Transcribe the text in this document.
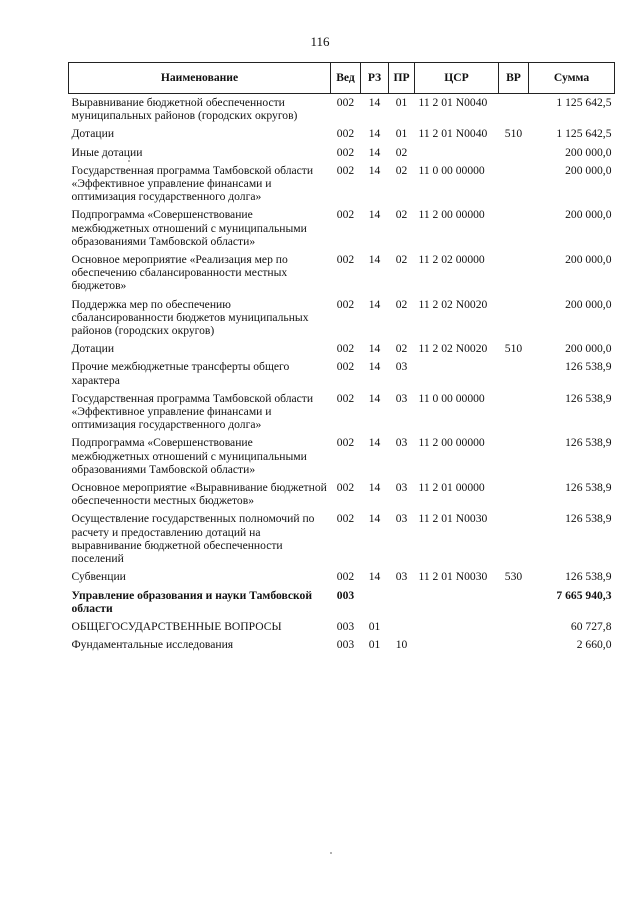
116
Наименование	Вед	РЗ	ПР	ЦСР	ВР	Сумма
Выравнивание бюджетной обеспеченности муниципальных районов (городских округов)	002	14	01	11 2 01 N0040		1 125 642,5
Дотации	002	14	01	11 2 01 N0040	510	1 125 642,5
Иные дотации	002	14	02			200 000,0
Государственная программа Тамбовской области «Эффективное управление финансами и оптимизация государственного долга»	002	14	02	11 0 00 00000		200 000,0
Подпрограмма «Совершенствование межбюджетных отношений с муниципальными образованиями Тамбовской области»	002	14	02	11 2 00 00000		200 000,0
Основное мероприятие «Реализация мер по обеспечению сбалансированности местных бюджетов»	002	14	02	11 2 02 00000		200 000,0
Поддержка мер по обеспечению сбалансированности бюджетов муниципальных районов (городских округов)	002	14	02	11 2 02 N0020		200 000,0
Дотации	002	14	02	11 2 02 N0020	510	200 000,0
Прочие межбюджетные трансферты общего характера	002	14	03			126 538,9
Государственная программа Тамбовской области «Эффективное управление финансами и оптимизация государственного долга»	002	14	03	11 0 00 00000		126 538,9
Подпрограмма «Совершенствование межбюджетных отношений с муниципальными образованиями Тамбовской области»	002	14	03	11 2 00 00000		126 538,9
Основное мероприятие «Выравнивание бюджетной обеспеченности местных бюджетов»	002	14	03	11 2 01 00000		126 538,9
Осуществление государственных полномочий по расчету и предоставлению дотаций на выравнивание бюджетной обеспеченности поселений	002	14	03	11 2 01 N0030		126 538,9
Субвенции	002	14	03	11 2 01 N0030	530	126 538,9
Управление образования и науки Тамбовской области	003					7 665 940,3
ОБЩЕГОСУДАРСТВЕННЫЕ ВОПРОСЫ	003	01				60 727,8
Фундаментальные исследования	003	01	10			2 660,0
